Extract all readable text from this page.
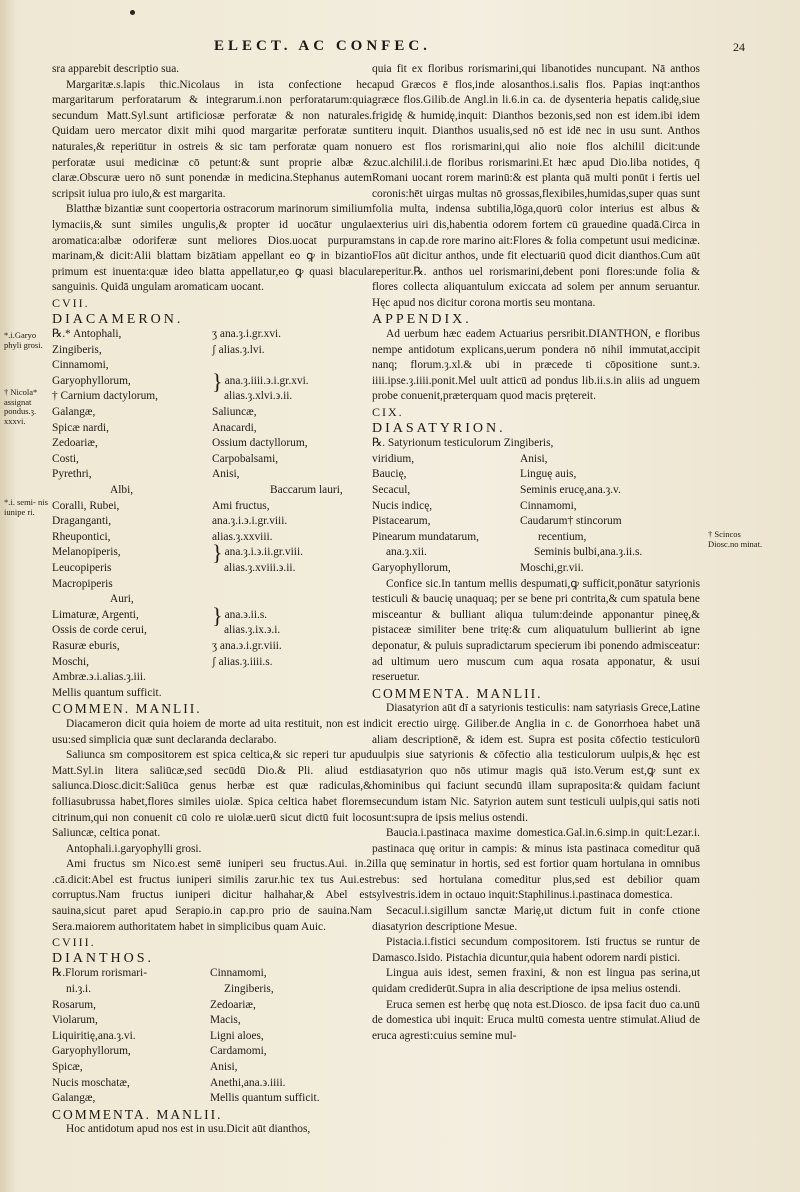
ELECT. AC CONFEC.	24
*.i.Garyo phyli grosi.
† Nicola* assignat pondus.ȝ. xxxvi.
*.i. semi- nis iunipe ri.
† Scincos Diosc.no minat.

sra apparebit descriptio sua.

Margaritæ.s.lapis thic.Nicolaus in ista confectione hec margaritarum perforatarum & integrarum.i.non perforatarum:quia secundum Matt.Syl.sunt artificiosæ perforatæ & non naturales. Quidam uero mercator dixit mihi quod margaritæ perforatæ sunt naturales,& reperiūtur in ostreis & sic tam perforatæ quam non perforatæ usui medicinæ cō petunt:& sunt proprie albæ & claræ.Obscuræ uero nō sunt ponendæ in medicina.Stephanus autem scripsit iulua pro iulo,& est margarita.

Blatthæ bizantiæ sunt coopertoria ostracorum marinorum similium lymaciis,& sunt similes ungulis,& propter id uocātur ungula aromatica:albæ odoriferæ sunt meliores Dios.uocat purpuram marinam,& dicit:Alii blattam bizātiam appellant eo ꝙ in bizantio primum est inuenta:quæ ideo blatta appellatur,eo ꝙ quasi blacula sanguinis. Quidā ungulam aromaticam uocant.

CVII.

DIACAMERON.

℞.* Antophali,	ʒ ana.ȝ.i.gr.xvi.
Zingiberis,	ʃ alias.ȝ.lvi.
Cinnamomi,
Garyophyllorum,	} ana.ȝ.iiii.϶.i.gr.xvi.
† Carnium dactylorum,	alias.ȝ.xlvi.϶.ii.
Galangæ,	Saliuncæ,
Spicæ nardi,	Anacardi,
Zedoariæ,	Ossium dactyllorum,
Costi,	Carpobalsami,
Pyrethri,	Anisi,
Albi,	Baccarum lauri,
Coralli, Rubei,	Ami fructus,
Draganganti,	ana.ȝ.i.϶.i.gr.viii.
Rheupontici,	alias.ȝ.xxviii.
Melanopiperis,	} ana.ȝ.i.϶.ii.gr.viii.
Leucopiperis	alias.ȝ.xviii.϶.ii.
Macropiperis
Auri,
Limaturæ, Argenti,	} ana.϶.ii.s.
Ossis de corde cerui,	alias.ȝ.ix.϶.i.
Rasuræ eburis,	ʒ ana.϶.i.gr.viii.
Moschi,	ʃ alias.ȝ.iiii.s.
Ambræ.϶.i.alias.ȝ.iii.

Mellis quantum sufficit.

COMMEN. MANLII.

Diacameron dicit quia hoiem de morte ad uita restituit, non est in usu:sed simplicia quæ sunt declaranda declarabo.

Saliunca sm compositorem est spica celtica,& sic reperi tur apud Matt.Syl.in litera saliūcæ,sed secūdū Dio.& Pli. aliud est saliunca.Diosc.dicit:Saliūca genus herbæ est quæ radiculas,& folliasubrussa habet,flores similes uiolæ. Spica celtica habet florem citrinum,qui non conuenit cū colo re uiolæ.uerū sicut dictū fuit loco Saliuncæ, celtica ponat.

Antophali.i.garyophylli grosi.

Ami fructus sm Nico.est semē iuniperi seu fructus.Aui. in.2 .cā.dicit:Abel est fructus iuniperi similis zarur.hic tex tus Aui.est corruptus.Nam fructus iuniperi dicitur halhahar,& Abel est sauina,sicut paret apud Serapio.in cap.pro prio de sauina.Nam Sera.maiorem authoritatem habet in simplicibus quam Auic.

CVIII.

DIANTHOS.

℞.Florum rorismari-	Cinnamomi,
ni.ȝ.i.	Zingiberis,
Rosarum,	Zedoariæ,
Violarum,	Macis,
Liquiritię,ana.ȝ.vi.	Ligni aloes,
Garyophyllorum,	Cardamomi,
Spicæ,	Anisi,
Nucis moschatæ,	Anethi,ana.϶.iiii.
Galangæ,	Mellis quantum sufficit.

COMMENTA. MANLII.

Hoc antidotum apud nos est in usu.Dicit aūt dianthos,

quia fit ex floribus rorismarini,qui libanotides nuncupant. Nā anthos apud Græcos ē flos,inde alosanthos.i.salis flos. Papias inqt:anthos græce flos.Gilib.de Angl.in li.6.in ca. de dysenteria hepatis calidę,siue frigidę & humidę,inquit: Dianthos bezonis,sed non est idem.ibi idem iteru inquit. Dianthos usualis,sed nō est idē nec in usu sunt. Anthos uero est flos rorismarini,qui alio noie flos alchilil dicit:unde zuc.alchilil.i.de floribus rorismarini.Et hæc apud Dio.liba notides, q̄ Romani uocant rorem marinū:& est planta quā multi ponūt i fertis uel coronis:hēt uirgas multas nō grossas,flexibiles,humidas,super quas sunt folia multa, indensa subtilia,lōga,quorū color interius est albus & exterius uiri dis,habentia odorem fortem cū grauedine quadā.Circa in stans in cap.de rore marino ait:Flores & folia competunt usui medicinæ. Flos aūt dicitur anthos, unde fit electuariū quod dicit dianthos.Cum aūt reperitur.℞. anthos uel rorismarini,debent poni flores:unde folia & flores collecta aliquantulum exiccata ad solem per annum seruantur. Hęc apud nos dicitur corona mortis seu montana.

APPENDIX.

Ad uerbum hæc eadem Actuarius persribit.DIANTHON, e floribus nempe antidotum explicans,uerum pondera nō nihil immutat,accipit nanq; florum.ȝ.xl.& ubi in præcede ti cōpositione sunt.϶. iiii.ipse.ȝ.iiii.ponit.Mel uult atticū ad pondus lib.ii.s.in aliis ad unguem probe conuenit,præterquam quod macis prętereit.

CIX.

DIASATYRION.

℞. Satyrionum testiculorum Zingiberis,

viridium,	Anisi,
Baucię,	Linguę auis,
Secacul,	Seminis erucę,ana.ȝ.v.
Nucis indicę,	Cinnamomi,
Pistacearum,	Caudarum† stincorum
Pinearum mundatarum,	recentium,
ana.ȝ.xii.	Seminis bulbi,ana.ȝ.ii.s.
Garyophyllorum,	Moschi,gr.vii.

Confice sic.In tantum mellis despumati,ꝙ sufficit,ponātur satyrionis testiculi & baucię unaquaq; per se bene pri contrita,& cum spatula bene misceantur & bulliant aliqua tulum:deinde apponantur pineę,& pistaceæ similiter bene tritę:& cum aliquatulum bullierint ab igne deponatur, & puluis supradictarum specierum ibi ponendo admisceatur: ad ultimum uero muscum cum aqua rosata apponatur, & usui reseruetur.

COMMENTA. MANLII.

Diasatyrion aūt dī a satyrionis testiculis: nam satyriasis Grece,Latine dicit erectio uirgę. Giliber.de Anglia in c. de Gonorrhoea habet unā aliam descriptionē, & idem est. Supra est posita cōfectio testiculorū uulpis siue satyrionis & cōfectio alia testiculorum uulpis,& hęc est diasatyrion quo nōs utimur magis quā isto.Verum est,ꝙ sunt ex hominibus qui faciunt secundū illam supraposita:& quidam faciunt secundum istam Nic. Satyrion autem sunt testiculi uulpis,qui satis noti sunt:supra de ipsis melius ostendi.

Baucia.i.pastinaca maxime domestica.Gal.in.6.simp.in quit:Lezar.i. pastinaca quę oritur in campis: & minus ista pastinaca comeditur quā illa quę seminatur in hortis, sed est fortior quam hortulana in omnibus rebus: sed hortulana comeditur plus,sed est debilior quam sylvestris.idem in octauo inquit:Staphilinus.i.pastinaca domestica.

Secacul.i.sigillum sanctæ Marię,ut dictum fuit in confe ctione diasatyrion descriptione Mesue.

Pistacia.i.fistici secundum compositorem. Isti fructus se runtur de Damasco.Isido. Pistachia dicuntur,quia habent odorem nardi pistici.

Lingua auis idest, semen fraxini, & non est lingua pas serina,ut quidam crediderūt.Supra in alia descriptione de ipsa melius ostendi.

Eruca semen est herbę quę nota est.Diosco. de ipsa facit duo ca.unū de domestica ubi inquit: Eruca multū comesta uentre stimulat.Aliud de eruca agresti:cuius semine mul-
